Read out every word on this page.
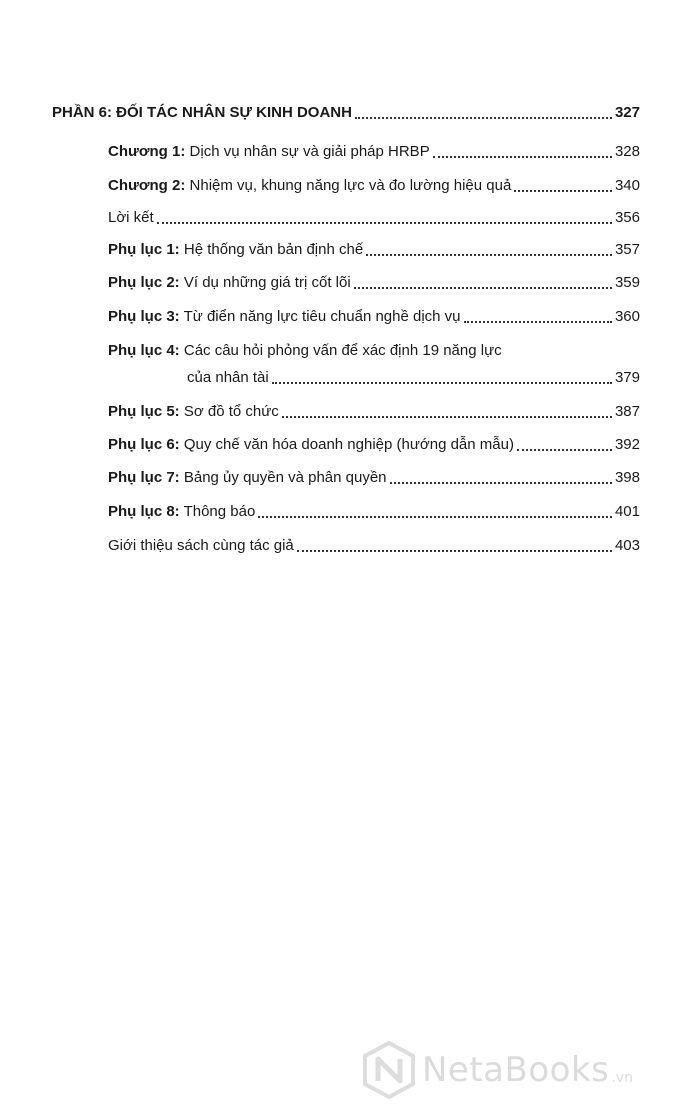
PHẦN 6: ĐỐI TÁC NHÂN SỰ KINH DOANH	327
Chương 1: Dịch vụ nhân sự và giải pháp HRBP	328
Chương 2: Nhiệm vụ, khung năng lực và đo lường hiệu quả	340
Lời kết	356
Phụ lục 1: Hệ thống văn bản định chế	357
Phụ lục 2: Ví dụ những giá trị cốt lõi	359
Phụ lục 3: Từ điển năng lực tiêu chuẩn nghề dịch vụ	360
Phụ lục 4: Các câu hỏi phỏng vấn để xác định 19 năng lực
của nhân tài	379
Phụ lục 5: Sơ đồ tổ chức	387
Phụ lục 6: Quy chế văn hóa doanh nghiệp (hướng dẫn mẫu)	392
Phụ lục 7: Bảng ủy quyền và phân quyền	398
Phụ lục 8: Thông báo	401
Giới thiệu sách cùng tác giả	403
NetaBooks .vn
